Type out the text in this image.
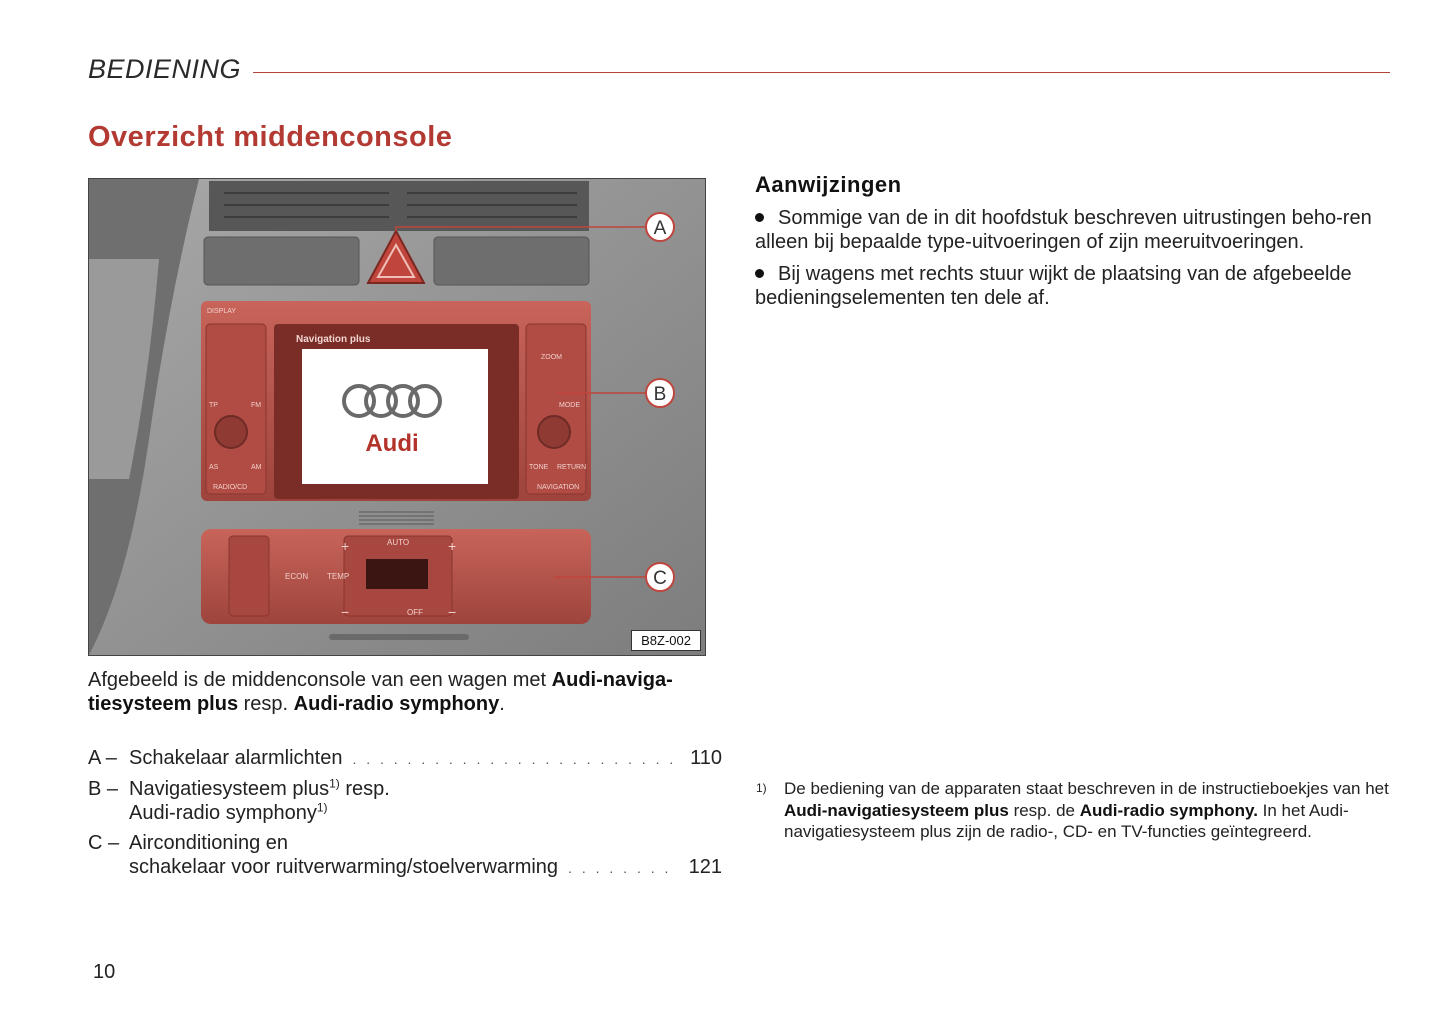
BEDIENING
Overzicht middenconsole
DISPLAY
TP	FM
AS	AM
RADIO/CD
ZOOM
MODE
TONE RETURN
NAVIGATION
Navigation plus
Audi
AUTO
ECON TEMP
OFF
+	+
−	−
A
B
C
B8Z-002
Afgebeeld is de middenconsole van een wagen met Audi-naviga-tiesysteem plus resp. Audi-radio symphony.
A – Schakelaar alarmlichten . . .	110
B – Navigatiesysteem plus$^{1)}$ resp.
Audi-radio symphony$^{1)}$
C – Airconditioning en
schakelaar voor ruitverwarming/stoelverwarming . . .	121
Aanwijzingen
Sommige van de in dit hoofdstuk beschreven uitrustingen beho-ren alleen bij bepaalde type-uitvoeringen of zijn meeruitvoeringen.
Bij wagens met rechts stuur wijkt de plaatsing van de afgebeelde bedieningselementen ten dele af.
1) De bediening van de apparaten staat beschreven in de instructieboekjes van het Audi-navigatiesysteem plus resp. de Audi-radio symphony. In het Audi-navigatiesysteem plus zijn de radio-, CD- en TV-functies geïntegreerd.
10
